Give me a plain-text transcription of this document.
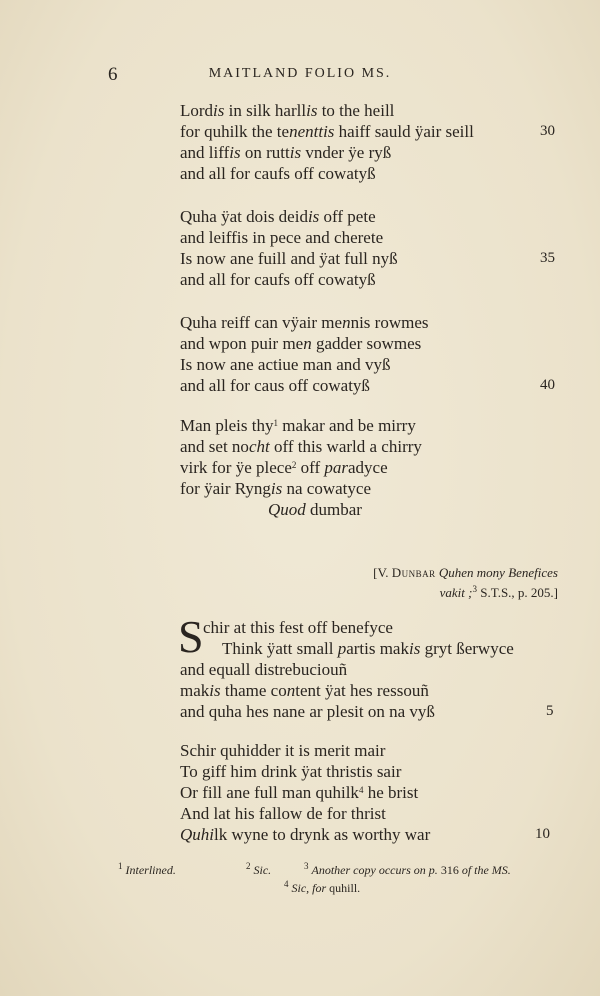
6	MAITLAND FOLIO MS.
Lordis in silk harllis to the heill
for quhilk the tenenttis haiff sauld ÿair seill	30
and liffis on ruttis vnder ÿe ryß
and all for caufs off cowatyß
Quha ÿat dois deidis off pete
and leiffis in pece and cherete
Is now ane fuill and ÿat full nyß	35
and all for caufs off cowatyß
Quha reiff can vÿair mennis rowmes
and wpon puir men gadder sowmes
Is now ane actiue man and vyß
and all for caus off cowatyß	40
Man pleis thy$^1$ makar and be mirry
and set nocht off this warld a chirry
virk for ÿe plece$^2$ off paradyce
for ÿair Ryngis na cowatyce
Quod dumbar
[V. Dunbar Quhen mony Benefices
vakit ;$^3$ S.T.S., p. 205.]
S chir at this fest off benefyce
Think ÿatt small partis makis gryt ßerwyce
and equall distrebuciouñ
makis thame content ÿat hes ressouñ
and quha hes nane ar plesit on na vyß	5
Schir quhidder it is merit mair
To giff him drink ÿat thristis sair
Or fill ane full man quhilk$^4$ he brist
And lat his fallow de for thrist
Quhilk wyne to drynk as worthy war	10
$^1$ Interlined.	$^2$ Sic.	$^3$ Another copy occurs on p. 316 of the MS.
$^4$ Sic, for quhill.
